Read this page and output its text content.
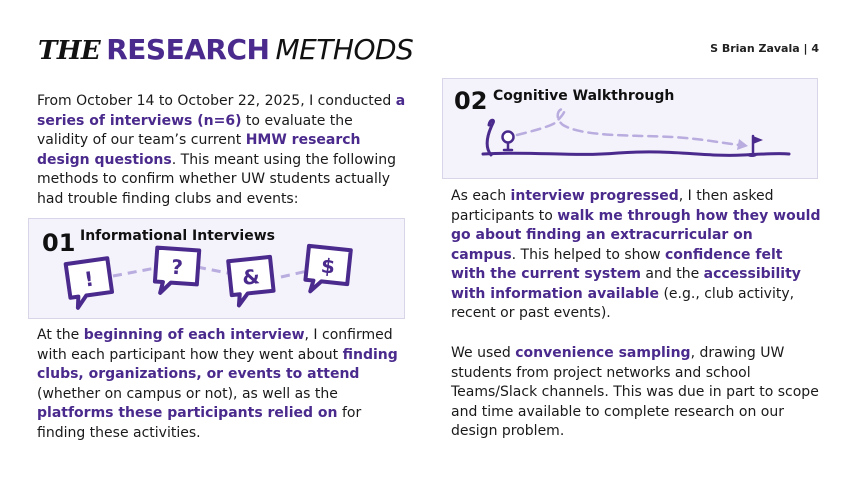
THE RESEARCH METHODS	S Brian Zavala | 4

From October 14 to October 22, 2025, I conducted a series of interviews (n=6) to evaluate the validity of our team’s current HMW research design questions. This meant using the following methods to confirm whether UW students actually had trouble finding clubs and events:

01 Informational Interviews
!	?	&	$

At the beginning of each interview, I confirmed with each participant how they went about finding clubs, organizations, or events to attend (whether on campus or not), as well as the platforms these participants relied on for finding these activities.

02 Cognitive Walkthrough

As each interview progressed, I then asked participants to walk me through how they would go about finding an extracurricular on campus. This helped to show confidence felt with the current system and the accessibility with information available (e.g., club activity, recent or past events).

We used convenience sampling, drawing UW students from project networks and school Teams/Slack channels. This was due in part to scope and time available to complete research on our design problem.
